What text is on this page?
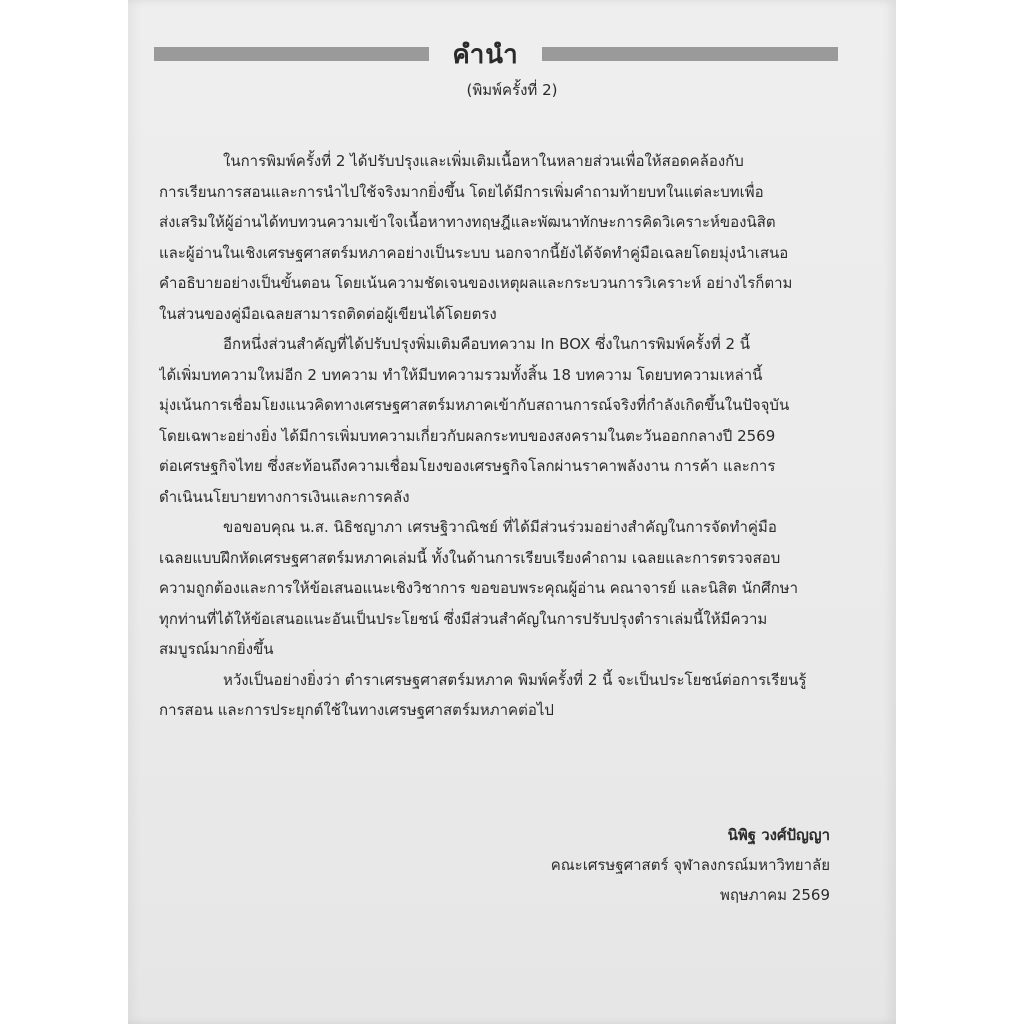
คำนำ
(พิมพ์ครั้งที่ 2)

ในการพิมพ์ครั้งที่ 2 ได้ปรับปรุงและเพิ่มเติมเนื้อหาในหลายส่วนเพื่อให้สอดคล้องกับ
การเรียนการสอนและการนำไปใช้จริงมากยิ่งขึ้น โดยได้มีการเพิ่มคำถามท้ายบทในแต่ละบทเพื่อ
ส่งเสริมให้ผู้อ่านได้ทบทวนความเข้าใจเนื้อหาทางทฤษฎีและพัฒนาทักษะการคิดวิเคราะห์ของนิสิต
และผู้อ่านในเชิงเศรษฐศาสตร์มหภาคอย่างเป็นระบบ นอกจากนี้ยังได้จัดทำคู่มือเฉลยโดยมุ่งนำเสนอ
คำอธิบายอย่างเป็นขั้นตอน โดยเน้นความชัดเจนของเหตุผลและกระบวนการวิเคราะห์ อย่างไรก็ตาม
ในส่วนของคู่มือเฉลยสามารถติดต่อผู้เขียนได้โดยตรง

อีกหนึ่งส่วนสำคัญที่ได้ปรับปรุงพิ่มเติมคือบทความ In BOX ซึ่งในการพิมพ์ครั้งที่ 2 นี้
ได้เพิ่มบทความใหม่อีก 2 บทความ ทำให้มีบทความรวมทั้งสิ้น 18 บทความ โดยบทความเหล่านี้
มุ่งเน้นการเชื่อมโยงแนวคิดทางเศรษฐศาสตร์มหภาคเข้ากับสถานการณ์จริงที่กำลังเกิดขึ้นในปัจจุบัน
โดยเฉพาะอย่างยิ่ง ได้มีการเพิ่มบทความเกี่ยวกับผลกระทบของสงครามในตะวันออกกลางปี 2569
ต่อเศรษฐกิจไทย ซึ่งสะท้อนถึงความเชื่อมโยงของเศรษฐกิจโลกผ่านราคาพลังงาน การค้า และการ
ดำเนินนโยบายทางการเงินและการคลัง

ขอขอบคุณ น.ส. นิธิชญาภา เศรษฐิวาณิชย์ ที่ได้มีส่วนร่วมอย่างสำคัญในการจัดทำคู่มือ
เฉลยแบบฝึกหัดเศรษฐศาสตร์มหภาคเล่มนี้ ทั้งในด้านการเรียบเรียงคำถาม เฉลยและการตรวจสอบ
ความถูกต้องและการให้ข้อเสนอแนะเชิงวิชาการ ขอขอบพระคุณผู้อ่าน คณาจารย์ และนิสิต นักศึกษา
ทุกท่านที่ได้ให้ข้อเสนอแนะอันเป็นประโยชน์ ซึ่งมีส่วนสำคัญในการปรับปรุงตำราเล่มนี้ให้มีความ
สมบูรณ์มากยิ่งขึ้น

หวังเป็นอย่างยิ่งว่า ตำราเศรษฐศาสตร์มหภาค พิมพ์ครั้งที่ 2 นี้ จะเป็นประโยชน์ต่อการเรียนรู้
การสอน และการประยุกต์ใช้ในทางเศรษฐศาสตร์มหภาคต่อไป

นิพิฐ วงศ์ปัญญา
คณะเศรษฐศาสตร์ จุฬาลงกรณ์มหาวิทยาลัย
พฤษภาคม 2569
